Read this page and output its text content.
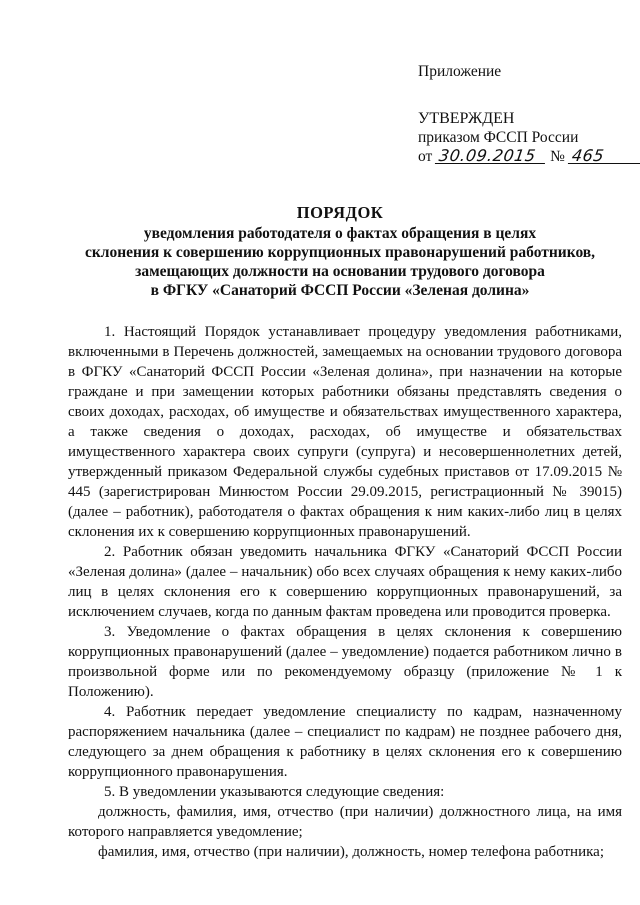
Приложение
УТВЕРЖДЕН
приказом ФССП России
от 30.09.2015 № 465
ПОРЯДОК
уведомления работодателя о фактах обращения в целях
склонения к совершению коррупционных правонарушений работников,
замещающих должности на основании трудового договора
в ФГКУ «Санаторий ФССП России «Зеленая долина»

1. Настоящий Порядок устанавливает процедуру уведомления работниками, включенными в Перечень должностей, замещаемых на основании трудового договора в ФГКУ «Санаторий ФССП России «Зеленая долина», при назначении на которые граждане и при замещении которых работники обязаны представлять сведения о своих доходах, расходах, об имуществе и обязательствах имущественного характера, а также сведения о доходах, расходах, об имуществе и обязательствах имущественного характера своих супруги (супруга) и несовершеннолетних детей, утвержденный приказом Федеральной службы судебных приставов от 17.09.2015 № 445 (зарегистрирован Минюстом России 29.09.2015, регистрационный № 39015) (далее – работник), работодателя о фактах обращения к ним каких-либо лиц в целях склонения их к совершению коррупционных правонарушений.

2. Работник обязан уведомить начальника ФГКУ «Санаторий ФССП России «Зеленая долина» (далее – начальник) обо всех случаях обращения к нему каких-либо лиц в целях склонения его к совершению коррупционных правонарушений, за исключением случаев, когда по данным фактам проведена или проводится проверка.

3. Уведомление о фактах обращения в целях склонения к совершению коррупционных правонарушений (далее – уведомление) подается работником лично в произвольной форме или по рекомендуемому образцу (приложение № 1 к Положению).

4. Работник передает уведомление специалисту по кадрам, назначенному распоряжением начальника (далее – специалист по кадрам) не позднее рабочего дня, следующего за днем обращения к работнику в целях склонения его к совершению коррупционного правонарушения.

5. В уведомлении указываются следующие сведения:

должность, фамилия, имя, отчество (при наличии) должностного лица, на имя которого направляется уведомление;

фамилия, имя, отчество (при наличии), должность, номер телефона работника;
